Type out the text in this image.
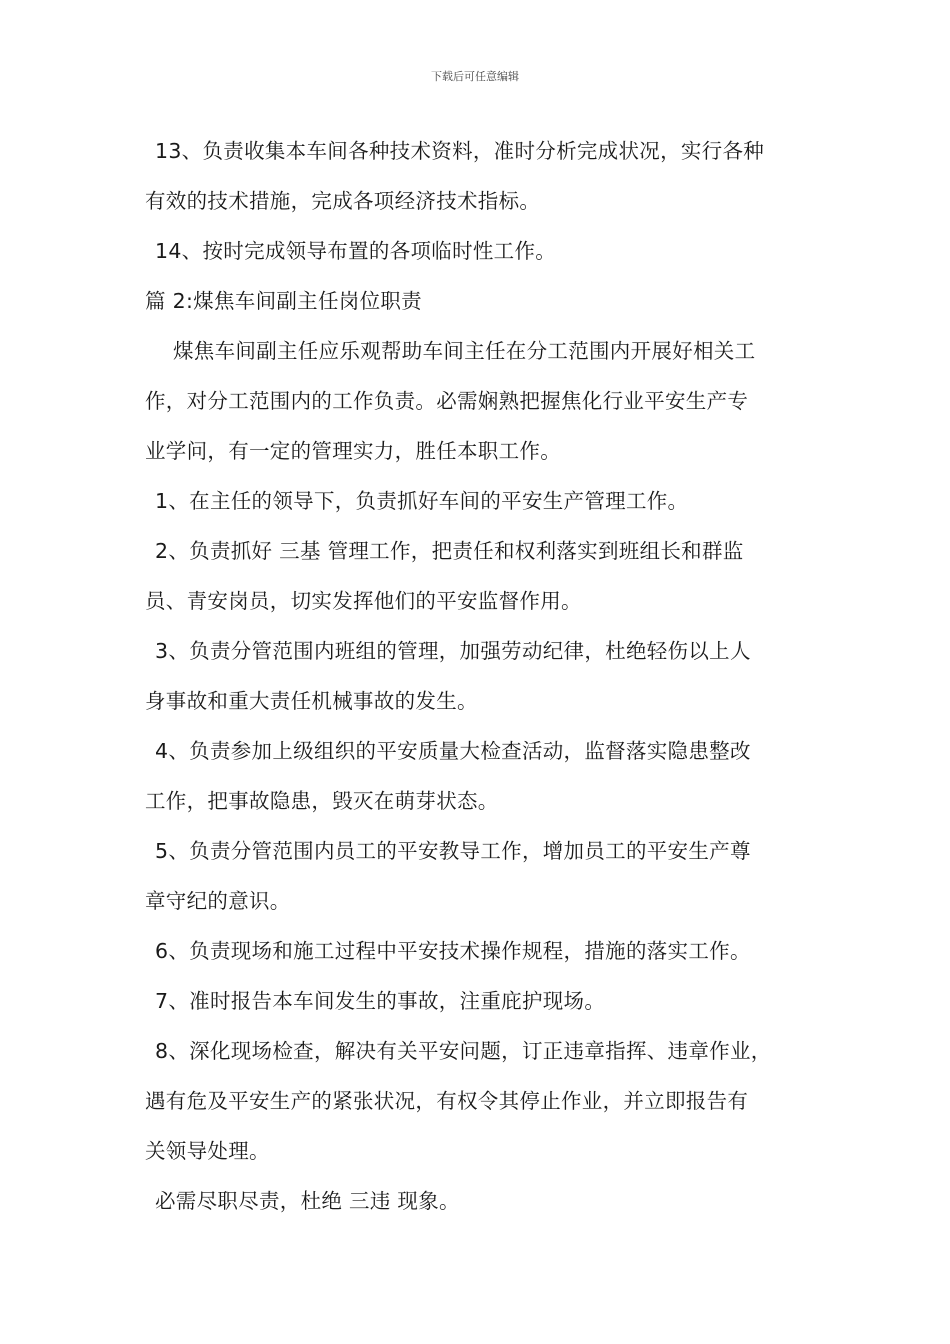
下载后可任意编辑
13、负责收集本车间各种技术资料，准时分析完成状况，实行各种
有效的技术措施，完成各项经济技术指标。
14、按时完成领导布置的各项临时性工作。
篇 2:煤焦车间副主任岗位职责
煤焦车间副主任应乐观帮助车间主任在分工范围内开展好相关工
作，对分工范围内的工作负责。必需娴熟把握焦化行业平安生产专
业学问，有一定的管理实力，胜任本职工作。
1、在主任的领导下，负责抓好车间的平安生产管理工作。
2、负责抓好 三基 管理工作，把责任和权利落实到班组长和群监
员、青安岗员，切实发挥他们的平安监督作用。
3、负责分管范围内班组的管理，加强劳动纪律，杜绝轻伤以上人
身事故和重大责任机械事故的发生。
4、负责参加上级组织的平安质量大检查活动，监督落实隐患整改
工作，把事故隐患，毁灭在萌芽状态。
5、负责分管范围内员工的平安教导工作，增加员工的平安生产尊
章守纪的意识。
6、负责现场和施工过程中平安技术操作规程，措施的落实工作。
7、准时报告本车间发生的事故，注重庇护现场。
8、深化现场检查，解决有关平安问题，订正违章指挥、违章作业，
遇有危及平安生产的紧张状况，有权令其停止作业，并立即报告有
关领导处理。
必需尽职尽责，杜绝 三违 现象。
